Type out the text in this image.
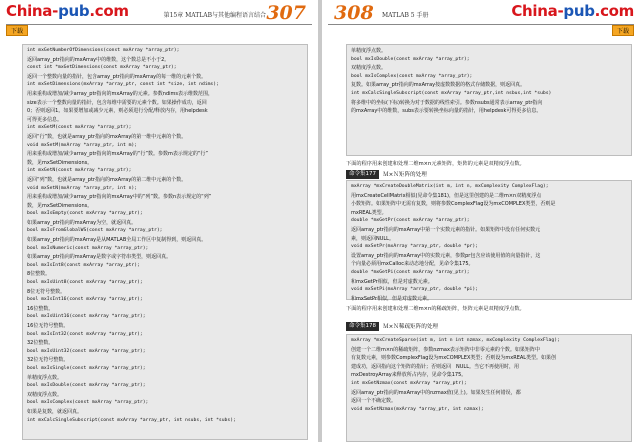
China-pub.com	第15章 MATLAB与其他编程语言结合 307
下载
int mxGetNumberOfDimensions(const mxArray *array_ptr);
返回array_ptr指向的mxArray中的维数，这个数总是不小于2。
const int *mxGetDimensions(const mxArray *array_ptr);
返回一个整数向量的指针，包含array_ptr指向的mxArray的每一维的元素个数。
int mxSetDimensions(mxArray *array_ptr, const int *size, int ndims);
用来重构或增加/减少array_ptr指向的mxArray的元素。参数ndims表示维数范围，
size表示一个整数向量的指针，包含每维中需要的元素个数。如果操作成功，返回
0；否则返回1。如果要增加或减少元素，则必须进行分配/释放内存，用helpdesk
可得更多信息。
int mxGetM(const mxArray *array_ptr);
返回“行”数，也就是array_ptr指向的mxArray的第一维中元素的个数。
void mxSetM(mxArray *array_ptr, int m);
用来重构或增加/减少array_ptr指向的mxArray的“行”数。参数m表示规定的“行”
数，见mxSetDimensions。
int mxGetN(const mxArray *array_ptr);
返回“列”数，也就是array_ptr指向的mxArray的第二维中元素的个数。
void mxSetN(mxArray *array_ptr, int n);
用来重构或增加/减少array_ptr指向的mxArray中的“列”数。参数n表示规定的“列”
数，见mxSetDimensions。
bool mxIsEmpty(const mxArray *array_ptr);
如果array_ptr指向的mxArray为空，就返回真。
bool mxIsFromGlobalWS(const mxArray *array_ptr);
如果array_ptr指向的mxArray是从MATLAB全局工作区中复制得到，则返回真。
bool mxIsNumeric(const mxArray *array_ptr);
如果array_ptr指向的mxArray是数字或字符串类型，则返回真。
bool mxIsInt8(const mxArray *array_ptr);
8位整数。
bool mxIsUint8(const mxArray *array_ptr);
8位无符号整数。
bool mxIsInt16(const mxArray *array_ptr);
16位整数。
bool mxIsUint16(const mxArray *array_ptr);
16位无符号整数。
bool mxIsInt32(const mxArray *array_ptr);
32位整数。
bool mxIsUint32(const mxArray *array_ptr);
32位无符号整数。
bool mxIsSingle(const mxArray *array_ptr);
单精度浮点数。
bool mxIsDouble(const mxArray *array_ptr);
双精度浮点数。
bool mxIsComplex(const mxArray *array_ptr);
如果是复数，就返回真。
int mxCalcSingleSubscript(const mxArray *array_ptr, int nsubs, int *subs);
308 MATLAB 5 手册	China-pub.com
下载
单精度浮点数。
bool mxIsDouble(const mxArray *array_ptr);
双精度浮点数。
bool mxIsComplex(const mxArray *array_ptr);
复数。如果array_ptr指向的mxArray按虚数数据的格式存储数据，则返回真。
int mxCalcSingleSubscript(const mxArray *array_ptr,int nsbus,int *subs)
将多维中的坐标(下标)转换为对于数据的线性索引。参数nsubs通常表示array_ptr指向
的mxArray中的维数，subs表示要转换坐标向量的指针，用helpdesk可得更多信息。
下面的程序用来创建和处理二维m×n元素矩阵，矩阵的元素是双精度浮点数。
命令集177	Ｍ×Ｎ矩阵的处理
mxArray *mxCreateDoubleMatrix(int m, int n, mxComplexity ComplexFlag);
用mxCreateCellMatrix相似(见命令集181)，但是这里创建的是二维m×n双精度浮点
小数矩阵。如果矩阵中无需有复数，则将参数ComplexFlag设为mxCOMPLEX类型，否则是
mxREAL类型。
double *mxGetPr(const mxArray *array_ptr);
返回array_ptr指向的mxArray中第一个实数元素的指针。如果矩阵中没有任何实数元
素，则返回NULL。
void mxSetPr(mxArray *array_ptr, double *pr);
设置array_ptr指向的mxArray中的实数元素，参数pr包含应该使用值的向量指针，这
个向量必须用mxCalloc来动态地分配，见命令集175。
double *mxGetPi(const mxArray *array_ptr);
和mxGetPr相似，但是对虚数元素。
void mxSetPi(mxArray *array_ptr, double *pi);
和mxSetPr相似，但是对虚数元素。
下面的程序用来创建和处理二维m×n的稀疏矩阵，矩阵元素是双精度浮点数。
命令集178	Ｍ×Ｎ稀疏矩阵的处理
mxArray *mxCreateSparse(int m, int n int nzmax, mxComplexity ComplexFlag);
创建一个二维m×n的稀疏矩阵，参数nzmax表示矩阵中非零元素的个数。如果矩阵中
有复数元素，则参数ComplexFlag设为mxCOMPLEX类型；否则设为mxREAL类型。如果创
建成功，返回指向这个矩阵的指针；否则返回　NULL。当它不再使用时，用
mxDestroyArray来释放所占内存，见命令集175。
int mxGetNzmax(const mxArray *array_ptr);
返回array_ptr指向的mxArray中的nzmax值(见上)。如果发生任何错误，都
返回一个不确定数。
void mxSetNzmax(mxArray *array_ptr, int nzmax);
